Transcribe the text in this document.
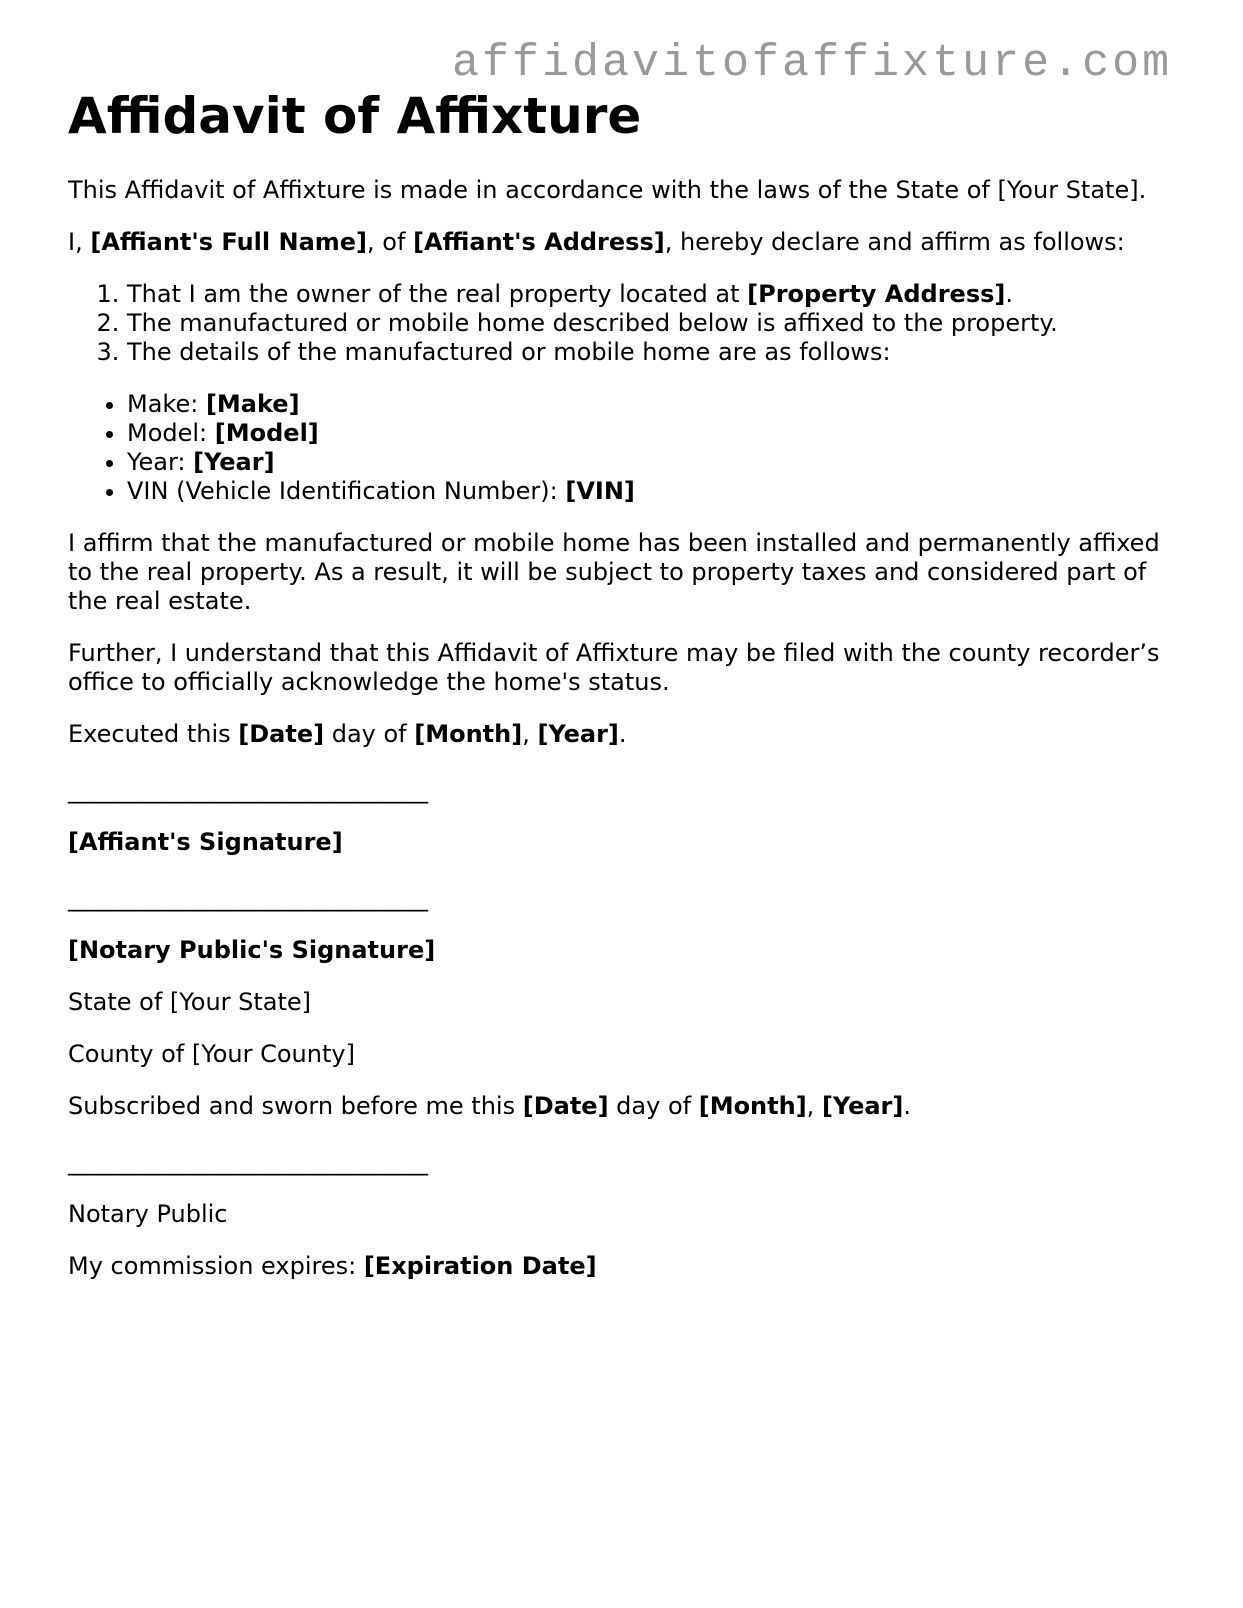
affidavitofaffixture.com
Affidavit of Affixture

This Affidavit of Affixture is made in accordance with the laws of the State of [Your State].

I, [Affiant's Full Name], of [Affiant's Address], hereby declare and affirm as follows:

1. That I am the owner of the real property located at [Property Address].
2. The manufactured or mobile home described below is affixed to the property.
3. The details of the manufactured or mobile home are as follows:
• Make: [Make]
• Model: [Model]
• Year: [Year]
• VIN (Vehicle Identification Number): [VIN]

I affirm that the manufactured or mobile home has been installed and permanently affixed to the real property. As a result, it will be subject to property taxes and considered part of the real estate.

Further, I understand that this Affidavit of Affixture may be filed with the county recorder’s office to officially acknowledge the home's status.

Executed this [Date] day of [Month], [Year].

______________________________

[Affiant's Signature]

______________________________

[Notary Public's Signature]

State of [Your State]

County of [Your County]

Subscribed and sworn before me this [Date] day of [Month], [Year].

______________________________

Notary Public

My commission expires: [Expiration Date]
